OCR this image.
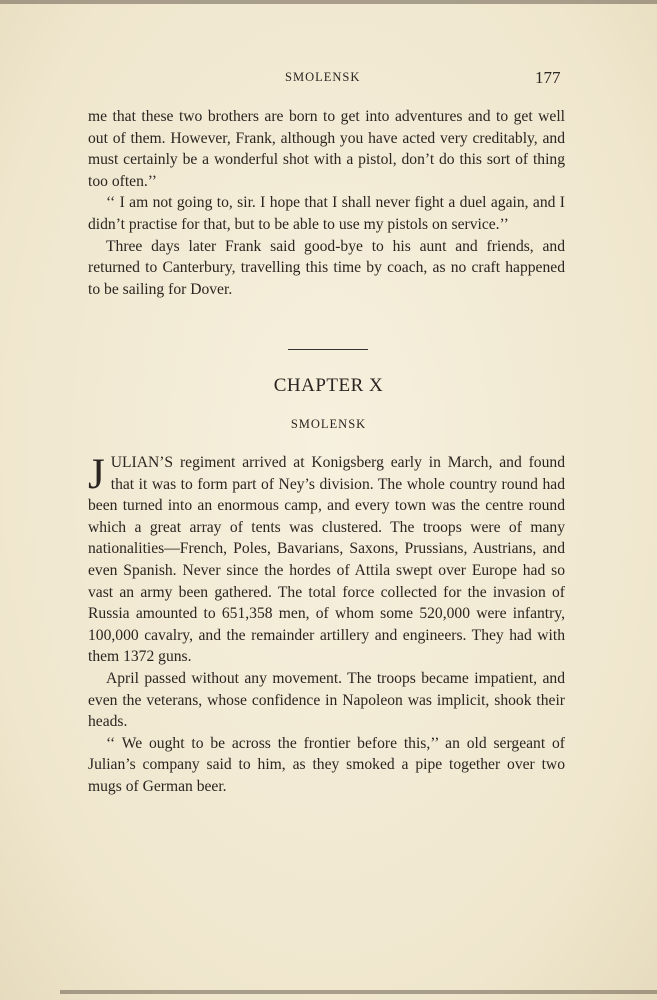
SMOLENSK	177

me that these two brothers are born to get into adventures and to get well out of them. However, Frank, although you have acted very creditably, and must certainly be a wonderful shot with a pistol, don’t do this sort of thing too often.’’

‘‘ I am not going to, sir. I hope that I shall never fight a duel again, and I didn’t practise for that, but to be able to use my pistols on service.’’

Three days later Frank said good-bye to his aunt and friends, and returned to Canterbury, travelling this time by coach, as no craft happened to be sailing for Dover.

CHAPTER X
SMOLENSK

JULIAN’S regiment arrived at Konigsberg early in March, and found that it was to form part of Ney’s division. The whole country round had been turned into an enormous camp, and every town was the centre round which a great array of tents was clustered. The troops were of many nationalities—French, Poles, Bavarians, Saxons, Prussians, Austrians, and even Spanish. Never since the hordes of Attila swept over Europe had so vast an army been gathered. The total force collected for the invasion of Russia amounted to 651,358 men, of whom some 520,000 were infantry, 100,000 cavalry, and the remainder artillery and engineers. They had with them 1372 guns.

April passed without any movement. The troops became impatient, and even the veterans, whose confidence in Napoleon was implicit, shook their heads.

‘‘ We ought to be across the frontier before this,’’ an old sergeant of Julian’s company said to him, as they smoked a pipe together over two mugs of German beer.
